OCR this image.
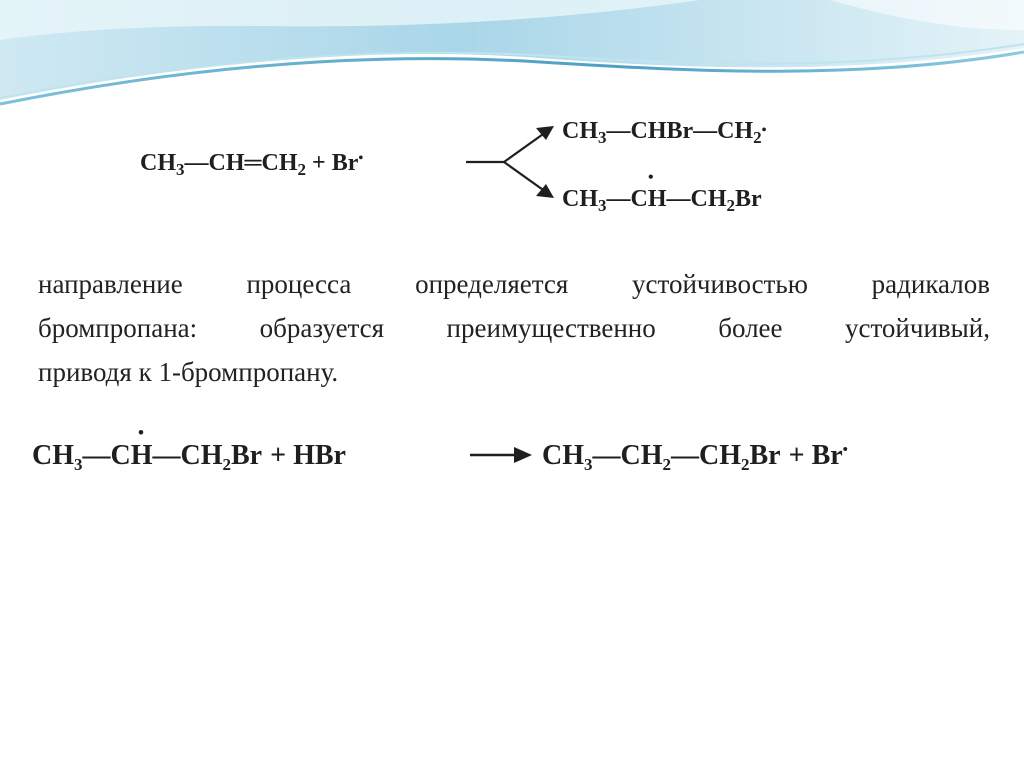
$CH_3—CH═CH_2 + Br^•$
$CH_3—CHBr—CH_2^•$
•
$CH_3—CH—CH_2Br$
направление процесса определяется устойчивостью радикалов
бромпропана: образуется преимущественно более устойчивый,
приводя к 1-бромпропану.
•
$CH_3—CH—CH_2Br$ + HBr	$CH_3—CH_2—CH_2Br + Br^•$
